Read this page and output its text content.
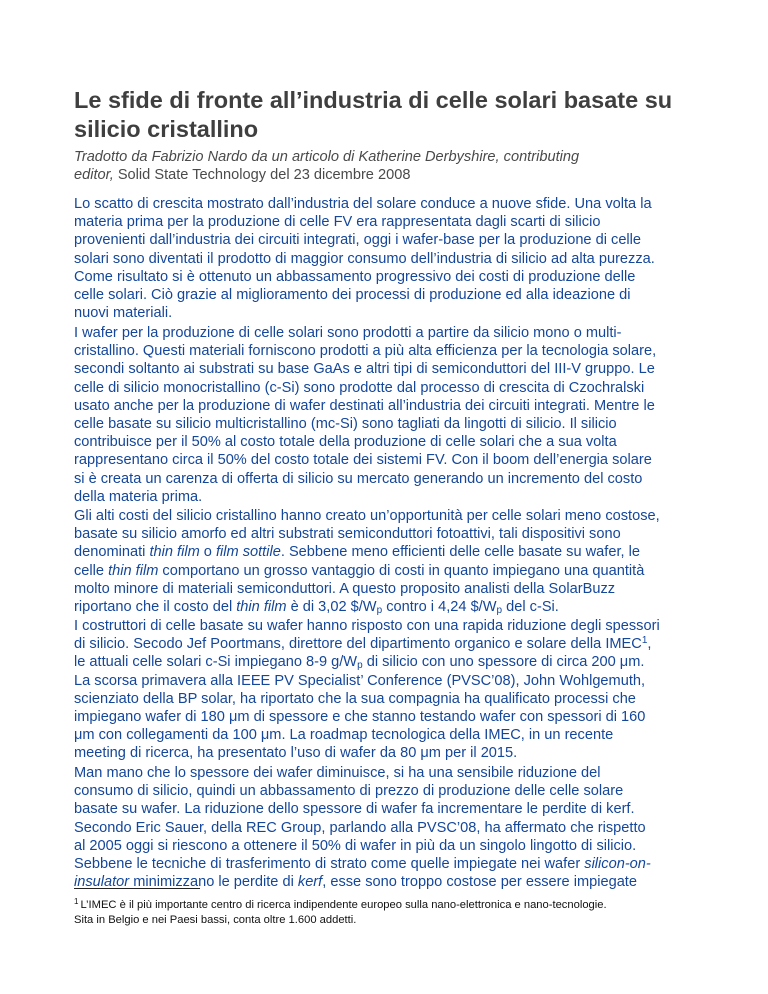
Le sfide di fronte all’industria di celle solari basate su
silicio cristallino

Tradotto da Fabrizio Nardo da un articolo di Katherine Derbyshire, contributing
editor, Solid State Technology del 23 dicembre 2008

Lo scatto di crescita mostrato dall’industria del solare conduce a nuove sfide. Una volta la
materia prima per la produzione di celle FV era rappresentata dagli scarti di silicio
provenienti dall’industria dei circuiti integrati, oggi i wafer-base per la produzione di celle
solari sono diventati il prodotto di maggior consumo dell’industria di silicio ad alta purezza.
Come risultato si è ottenuto un abbassamento progressivo dei costi di produzione delle
celle solari. Ciò grazie al miglioramento dei processi di produzione ed alla ideazione di
nuovi materiali.

I wafer per la produzione di celle solari sono prodotti a partire da silicio mono o multi-
cristallino. Questi materiali forniscono prodotti a più alta efficienza per la tecnologia solare,
secondi soltanto ai substrati su base GaAs e altri tipi di semiconduttori del III-V gruppo. Le
celle di silicio monocristallino (c-Si) sono prodotte dal processo di crescita di Czochralski
usato anche per la produzione di wafer destinati all’industria dei circuiti integrati. Mentre le
celle basate su silicio multicristallino (mc-Si) sono tagliati da lingotti di silicio. Il silicio
contribuisce per il 50% al costo totale della produzione di celle solari che a sua volta
rappresentano circa il 50% del costo totale dei sistemi FV. Con il boom dell’energia solare
si è creata un carenza di offerta di silicio su mercato generando un incremento del costo
della materia prima.

Gli alti costi del silicio cristallino hanno creato un’opportunità per celle solari meno costose,
basate su silicio amorfo ed altri substrati semiconduttori fotoattivi, tali dispositivi sono
denominati thin film o film sottile. Sebbene meno efficienti delle celle basate su wafer, le
celle thin film comportano un grosso vantaggio di costi in quanto impiegano una quantità
molto minore di materiali semiconduttori. A questo proposito analisti della SolarBuzz
riportano che il costo del thin film è di 3,02 $\$/W_p$ contro i 4,24 $\$/W_p$ del c-Si.

I costruttori di celle basate su wafer hanno risposto con una rapida riduzione degli spessori
di silicio. Secodo Jef Poortmans, direttore del dipartimento organico e solare della IMEC$^1$,
le attuali celle solari c-Si impiegano 8-9 $g/W_p$ di silicio con uno spessore di circa 200 μm.
La scorsa primavera alla IEEE PV Specialist’ Conference (PVSC’08), John Wohlgemuth,
scienziato della BP solar, ha riportato che la sua compagnia ha qualificato processi che
impiegano wafer di 180 μm di spessore e che stanno testando wafer con spessori di 160
μm con collegamenti da 100 μm. La roadmap tecnologica della IMEC, in un recente
meeting di ricerca, ha presentato l’uso di wafer da 80 μm per il 2015.

Man mano che lo spessore dei wafer diminuisce, si ha una sensibile riduzione del
consumo di silicio, quindi un abbassamento di prezzo di produzione delle celle solare
basate su wafer. La riduzione dello spessore di wafer fa incrementare le perdite di kerf.
Secondo Eric Sauer, della REC Group, parlando alla PVSC’08, ha affermato che rispetto
al 2005 oggi si riescono a ottenere il 50% di wafer in più da un singolo lingotto di silicio.
Sebbene le tecniche di trasferimento di strato come quelle impiegate nei wafer silicon-on-
insulator minimizzano le perdite di kerf, esse sono troppo costose per essere impiegate

$^1$ L’IMEC è il più importante centro di ricerca indipendente europeo sulla nano-elettronica e nano-tecnologie.
Sita in Belgio e nei Paesi bassi, conta oltre 1.600 addetti.
